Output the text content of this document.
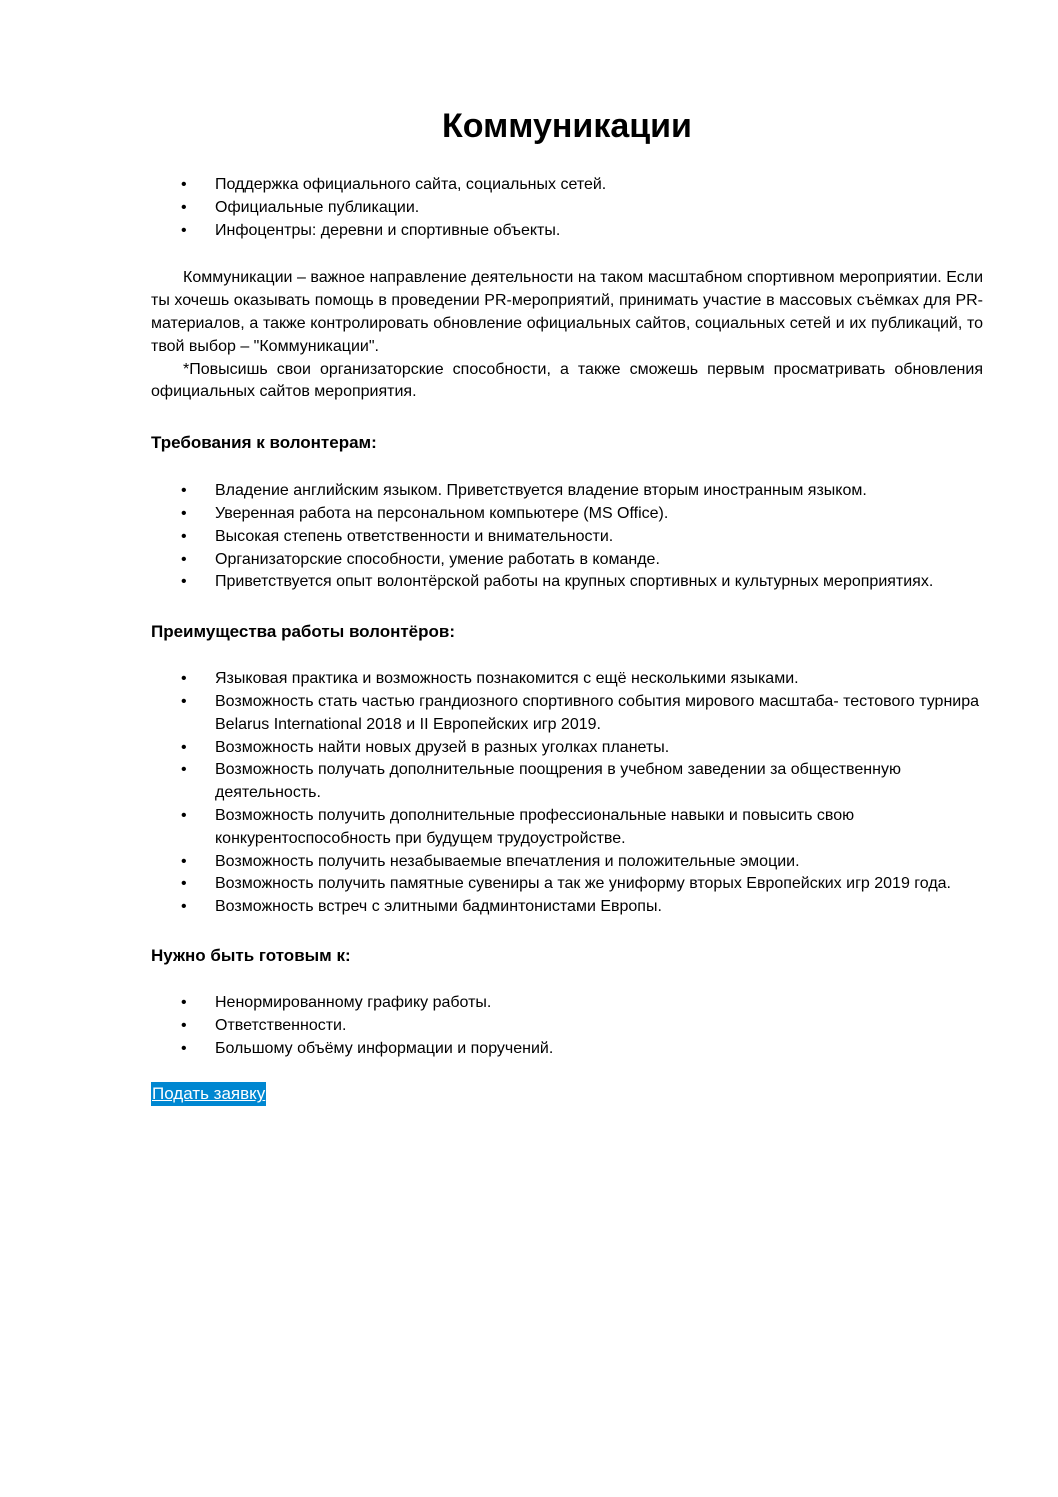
Коммуникации
• Поддержка официального сайта, социальных сетей.
• Официальные публикации.
• Инфоцентры: деревни и спортивные объекты.

Коммуникации – важное направление деятельности на таком масштабном спортивном мероприятии. Если ты хочешь оказывать помощь в проведении PR-мероприятий, принимать участие в массовых съёмках для PR-материалов, а также контролировать обновление официальных сайтов, социальных сетей и их публикаций, то твой выбор – "Коммуникации".

*Повысишь свои организаторские способности, а также сможешь первым просматривать обновления официальных сайтов мероприятия.

Требования к волонтерам:
• Владение английским языком. Приветствуется владение вторым иностранным языком.
• Уверенная работа на персональном компьютере (MS Office).
• Высокая степень ответственности и внимательности.
• Организаторские способности, умение работать в команде.
• Приветствуется опыт волонтёрской работы на крупных спортивных и культурных мероприятиях.
Преимущества работы волонтёров:
• Языковая практика и возможность познакомится с ещё несколькими языками.
• Возможность стать частью грандиозного спортивного события мирового масштаба- тестового турнира Belarus International 2018 и II Европейских игр 2019.
• Возможность найти новых друзей в разных уголках планеты.
• Возможность получать дополнительные поощрения в учебном заведении за общественную деятельность.
• Возможность получить дополнительные профессиональные навыки и повысить свою конкурентоспособность при будущем трудоустройстве.
• Возможность получить незабываемые впечатления и положительные эмоции.
• Возможность получить памятные сувениры а так же униформу вторых Европейских игр 2019 года.
• Возможность встреч с элитными бадминтонистами Европы.
Нужно быть готовым к:
• Ненормированному графику работы.
• Ответственности.
• Большому объёму информации и поручений.
Подать заявку
